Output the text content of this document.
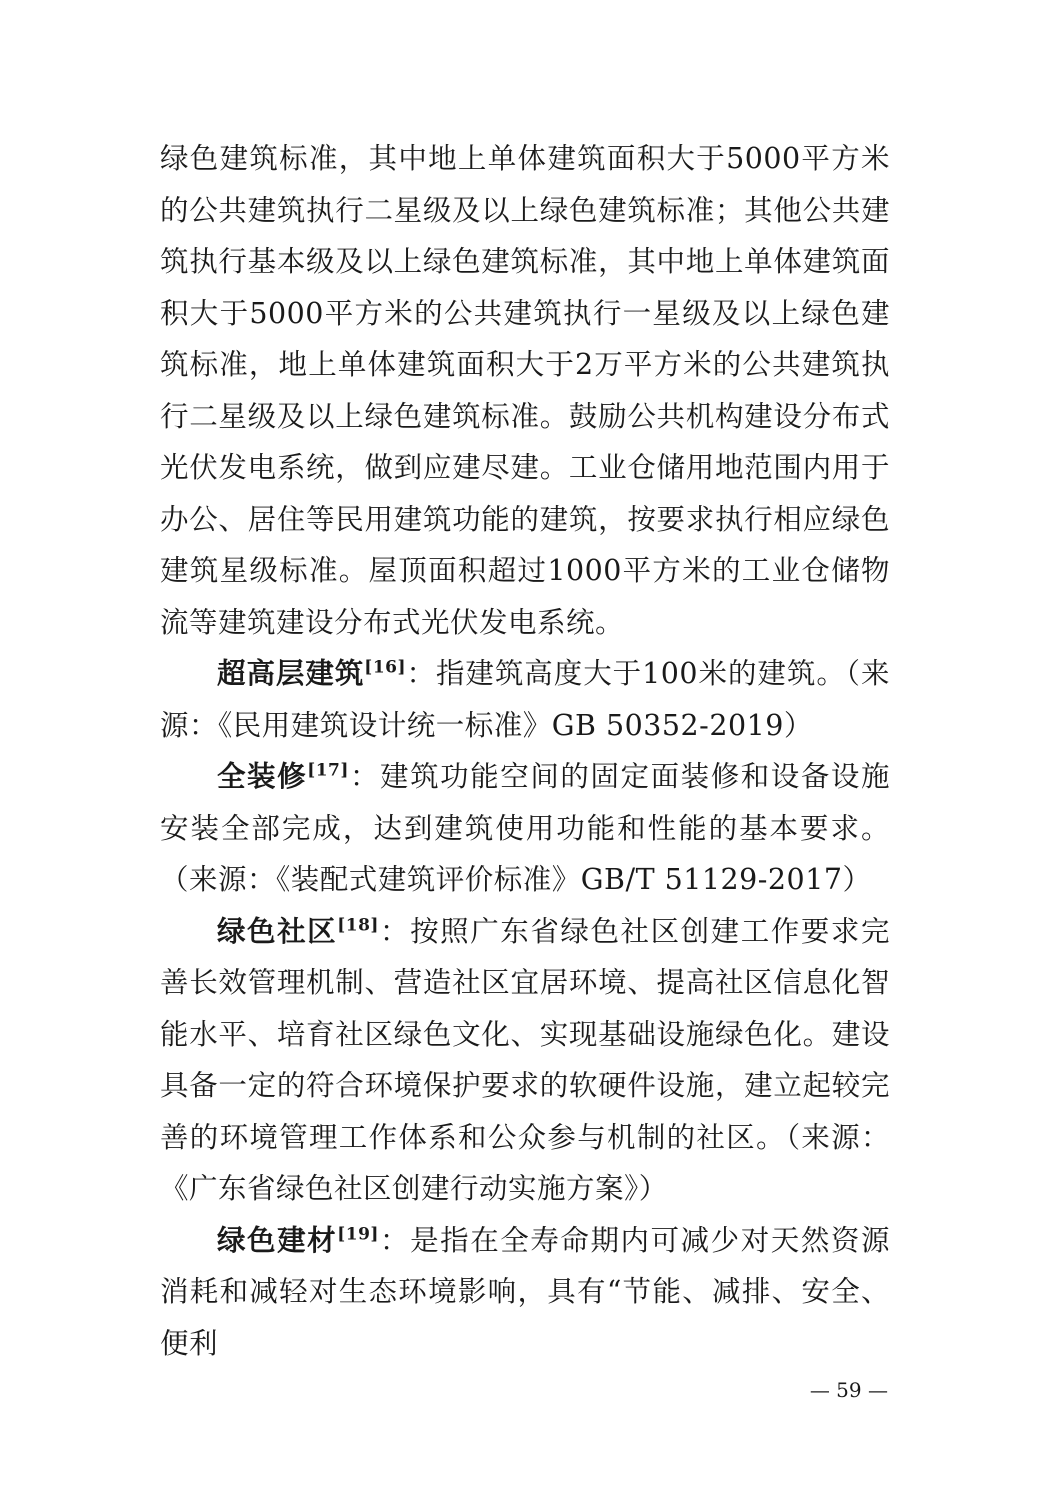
绿色建筑标准，其中地上单体建筑面积大于5000平方米的公共建筑执行二星级及以上绿色建筑标准；其他公共建筑执行基本级及以上绿色建筑标准，其中地上单体建筑面积大于5000平方米的公共建筑执行一星级及以上绿色建筑标准，地上单体建筑面积大于2万平方米的公共建筑执行二星级及以上绿色建筑标准。鼓励公共机构建设分布式光伏发电系统，做到应建尽建。工业仓储用地范围内用于办公、居住等民用建筑功能的建筑，按要求执行相应绿色建筑星级标准。屋顶面积超过1000平方米的工业仓储物流等建筑建设分布式光伏发电系统。

超高层建筑[16]：指建筑高度大于100米的建筑。（来源：《民用建筑设计统一标准》GB 50352-2019）

全装修[17]：建筑功能空间的固定面装修和设备设施安装全部完成，达到建筑使用功能和性能的基本要求。（来源：《装配式建筑评价标准》GB/T 51129-2017）

绿色社区[18]：按照广东省绿色社区创建工作要求完善长效管理机制、营造社区宜居环境、提高社区信息化智能水平、培育社区绿色文化、实现基础设施绿色化。建设具备一定的符合环境保护要求的软硬件设施，建立起较完善的环境管理工作体系和公众参与机制的社区。（来源：《广东省绿色社区创建行动实施方案》）

绿色建材[19]：是指在全寿命期内可减少对天然资源消耗和减轻对生态环境影响，具有“节能、减排、安全、便利

— 59 —
